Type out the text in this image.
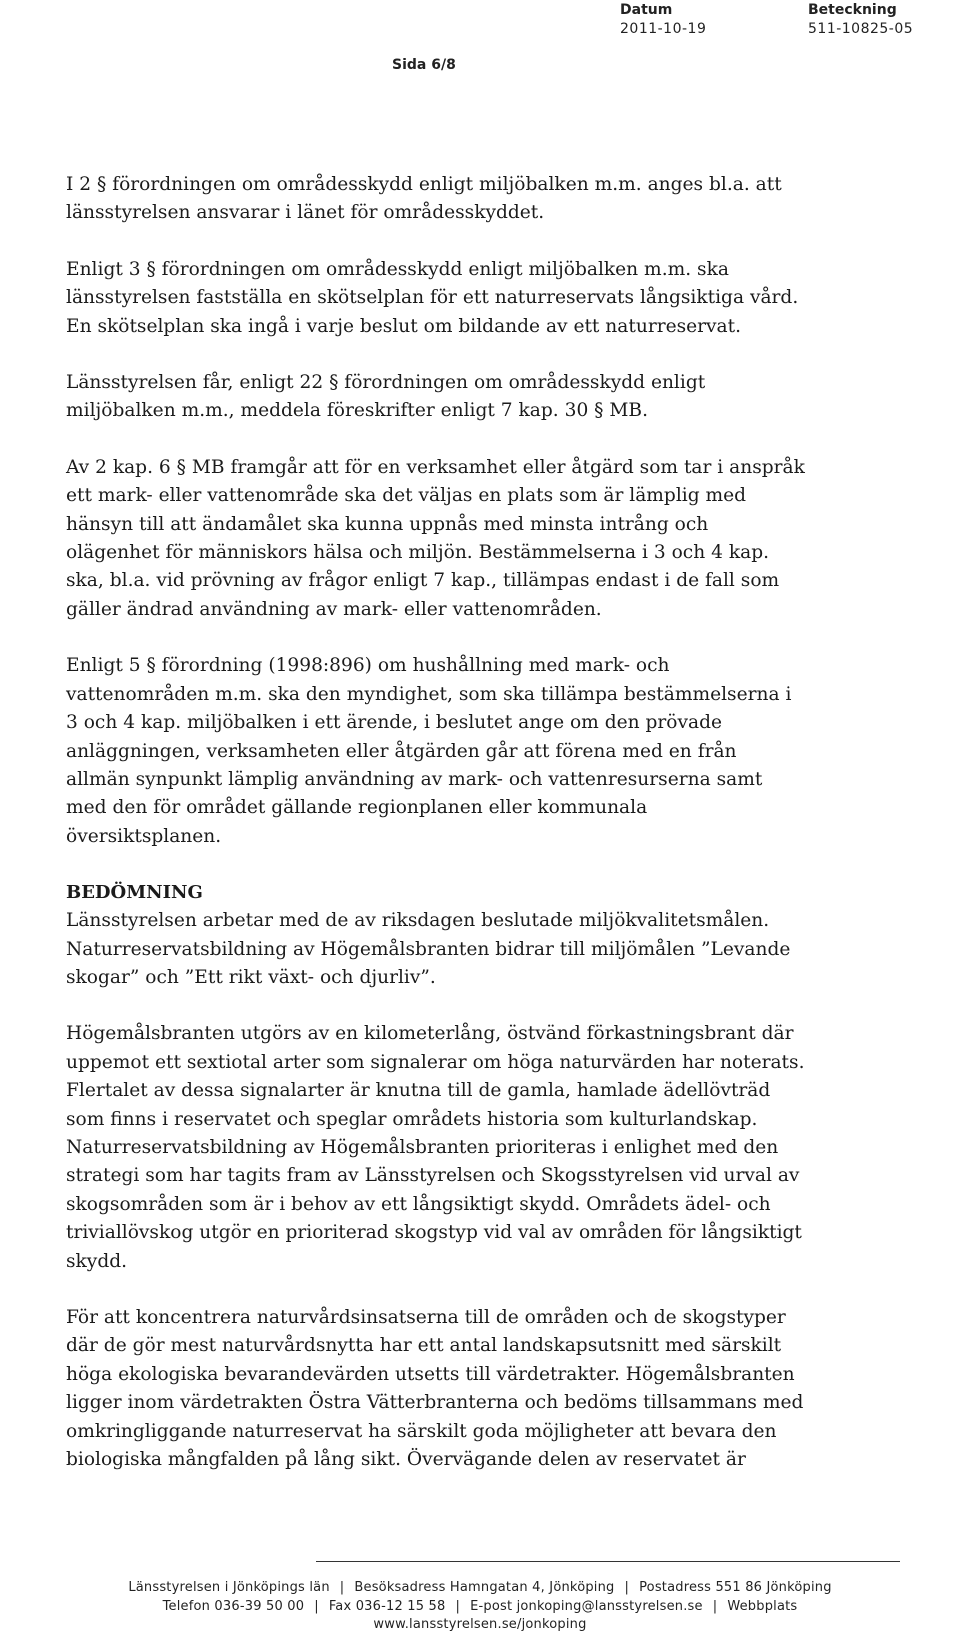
Datum
2011-10-19
Beteckning
511-10825-05
Sida 6/8

I 2 § förordningen om områdesskydd enligt miljöbalken m.m. anges bl.a. att länsstyrelsen ansvarar i länet för områdesskyddet.

Enligt 3 § förordningen om områdesskydd enligt miljöbalken m.m. ska länsstyrelsen fastställa en skötselplan för ett naturreservats långsiktiga vård. En skötselplan ska ingå i varje beslut om bildande av ett naturreservat.

Länsstyrelsen får, enligt 22 § förordningen om områdesskydd enligt miljöbalken m.m., meddela föreskrifter enligt 7 kap. 30 § MB.

Av 2 kap. 6 § MB framgår att för en verksamhet eller åtgärd som tar i anspråk ett mark- eller vattenområde ska det väljas en plats som är lämplig med hänsyn till att ändamålet ska kunna uppnås med minsta intrång och olägenhet för människors hälsa och miljön. Bestämmelserna i 3 och 4 kap. ska, bl.a. vid prövning av frågor enligt 7 kap., tillämpas endast i de fall som gäller ändrad användning av mark- eller vattenområden.

Enligt 5 § förordning (1998:896) om hushållning med mark- och vattenområden m.m. ska den myndighet, som ska tillämpa bestämmelserna i 3 och 4 kap. miljöbalken i ett ärende, i beslutet ange om den prövade anläggningen, verksamheten eller åtgärden går att förena med en från allmän synpunkt lämplig användning av mark- och vattenresurserna samt med den för området gällande regionplanen eller kommunala översiktsplanen.

BEDÖMNING

Länsstyrelsen arbetar med de av riksdagen beslutade miljökvalitetsmålen. Naturreservatsbildning av Högemålsbranten bidrar till miljömålen ”Levande skogar” och ”Ett rikt växt- och djurliv”.

Högemålsbranten utgörs av en kilometerlång, östvänd förkastningsbrant där uppemot ett sextiotal arter som signalerar om höga naturvärden har noterats. Flertalet av dessa signalarter är knutna till de gamla, hamlade ädellövträd som finns i reservatet och speglar områdets historia som kulturlandskap. Naturreservatsbildning av Högemålsbranten prioriteras i enlighet med den strategi som har tagits fram av Länsstyrelsen och Skogsstyrelsen vid urval av skogsområden som är i behov av ett långsiktigt skydd. Områdets ädel- och triviallövskog utgör en prioriterad skogstyp vid val av områden för långsiktigt skydd.

För att koncentrera naturvårdsinsatserna till de områden och de skogstyper där de gör mest naturvårdsnytta har ett antal landskapsutsnitt med särskilt höga ekologiska bevarandevärden utsetts till värdetrakter. Högemålsbranten ligger inom värdetrakten Östra Vätterbranterna och bedöms tillsammans med omkringliggande naturreservat ha särskilt goda möjligheter att bevara den biologiska mångfalden på lång sikt. Övervägande delen av reservatet är

Länsstyrelsen i Jönköpings län | Besöksadress Hamngatan 4, Jönköping | Postadress 551 86 Jönköping
Telefon 036-39 50 00 | Fax 036-12 15 58 | E-post jonkoping@lansstyrelsen.se | Webbplats
www.lansstyrelsen.se/jonkoping
